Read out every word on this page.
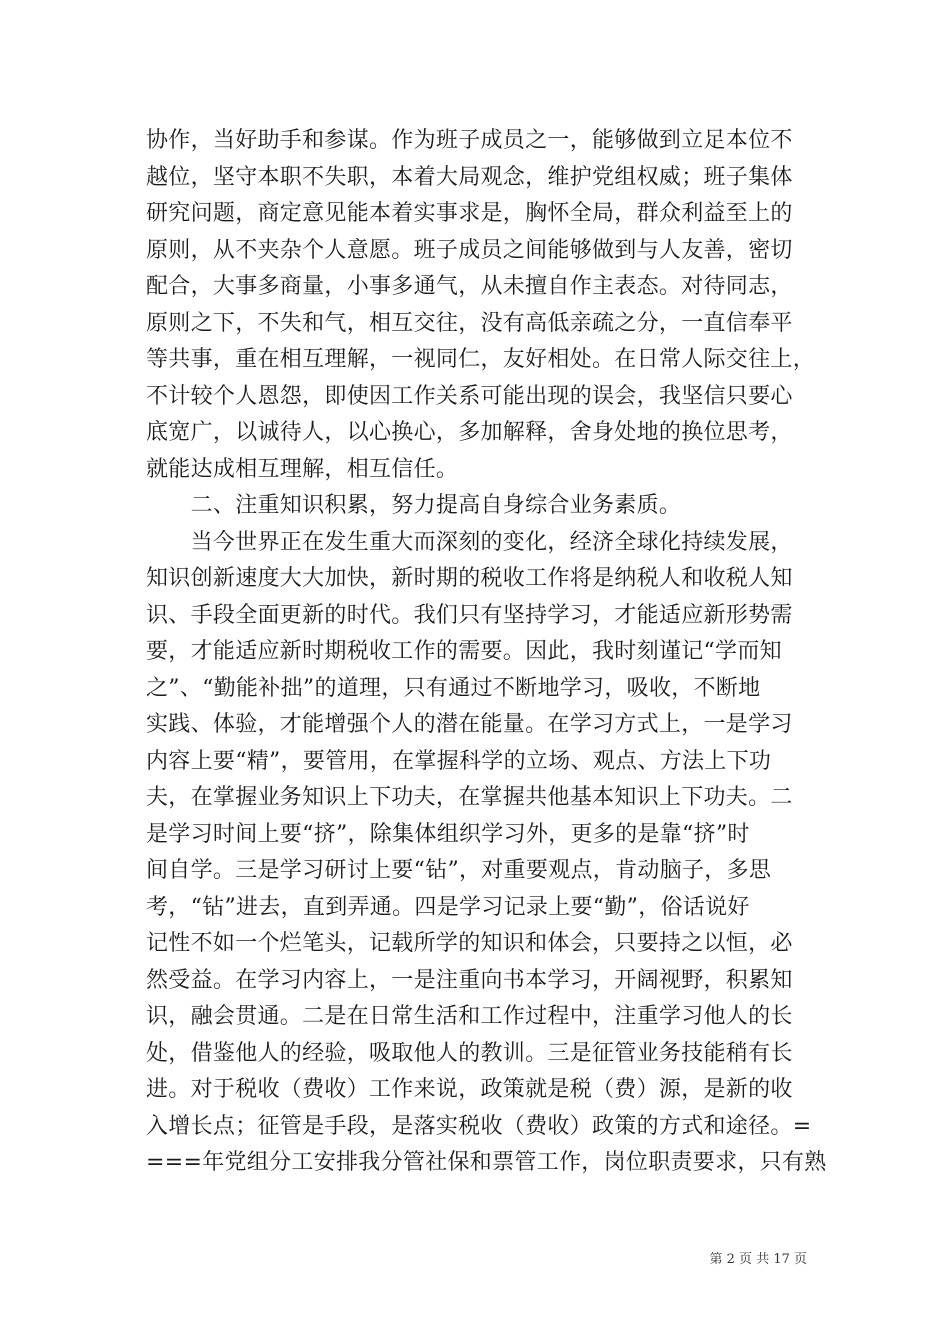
协作，当好助手和参谋。作为班子成员之一，能够做到立足本位不
越位，坚守本职不失职，本着大局观念，维护党组权威；班子集体
研究问题，商定意见能本着实事求是，胸怀全局，群众利益至上的
原则，从不夹杂个人意愿。班子成员之间能够做到与人友善，密切
配合，大事多商量，小事多通气，从未擅自作主表态。对待同志，
原则之下，不失和气，相互交往，没有高低亲疏之分，一直信奉平
等共事，重在相互理解，一视同仁，友好相处。在日常人际交往上，
不计较个人恩怨，即使因工作关系可能出现的误会，我坚信只要心
底宽广，以诚待人，以心换心，多加解释，舍身处地的换位思考，
就能达成相互理解，相互信任。
　　二、注重知识积累，努力提高自身综合业务素质。
　　当今世界正在发生重大而深刻的变化，经济全球化持续发展，
知识创新速度大大加快，新时期的税收工作将是纳税人和收税人知
识、手段全面更新的时代。我们只有坚持学习，才能适应新形势需
要，才能适应新时期税收工作的需要。因此，我时刻谨记“学而知
之”、“勤能补拙”的道理，只有通过不断地学习，吸收，不断地
实践、体验，才能增强个人的潜在能量。在学习方式上，一是学习
内容上要“精”，要管用，在掌握科学的立场、观点、方法上下功
夫，在掌握业务知识上下功夫，在掌握共他基本知识上下功夫。二
是学习时间上要“挤”，除集体组织学习外，更多的是靠“挤”时
间自学。三是学习研讨上要“钻”，对重要观点，肯动脑子，多思
考，“钻”进去，直到弄通。四是学习记录上要“勤”，俗话说好
记性不如一个烂笔头，记载所学的知识和体会，只要持之以恒，必
然受益。在学习内容上，一是注重向书本学习，开阔视野，积累知
识，融会贯通。二是在日常生活和工作过程中，注重学习他人的长
处，借鉴他人的经验，吸取他人的教训。三是征管业务技能稍有长
进。对于税收（费收）工作来说，政策就是税（费）源，是新的收
入增长点；征管是手段，是落实税收（费收）政策的方式和途径。=
===年党组分工安排我分管社保和票管工作，岗位职责要求，只有熟
第 2 页 共 17 页
